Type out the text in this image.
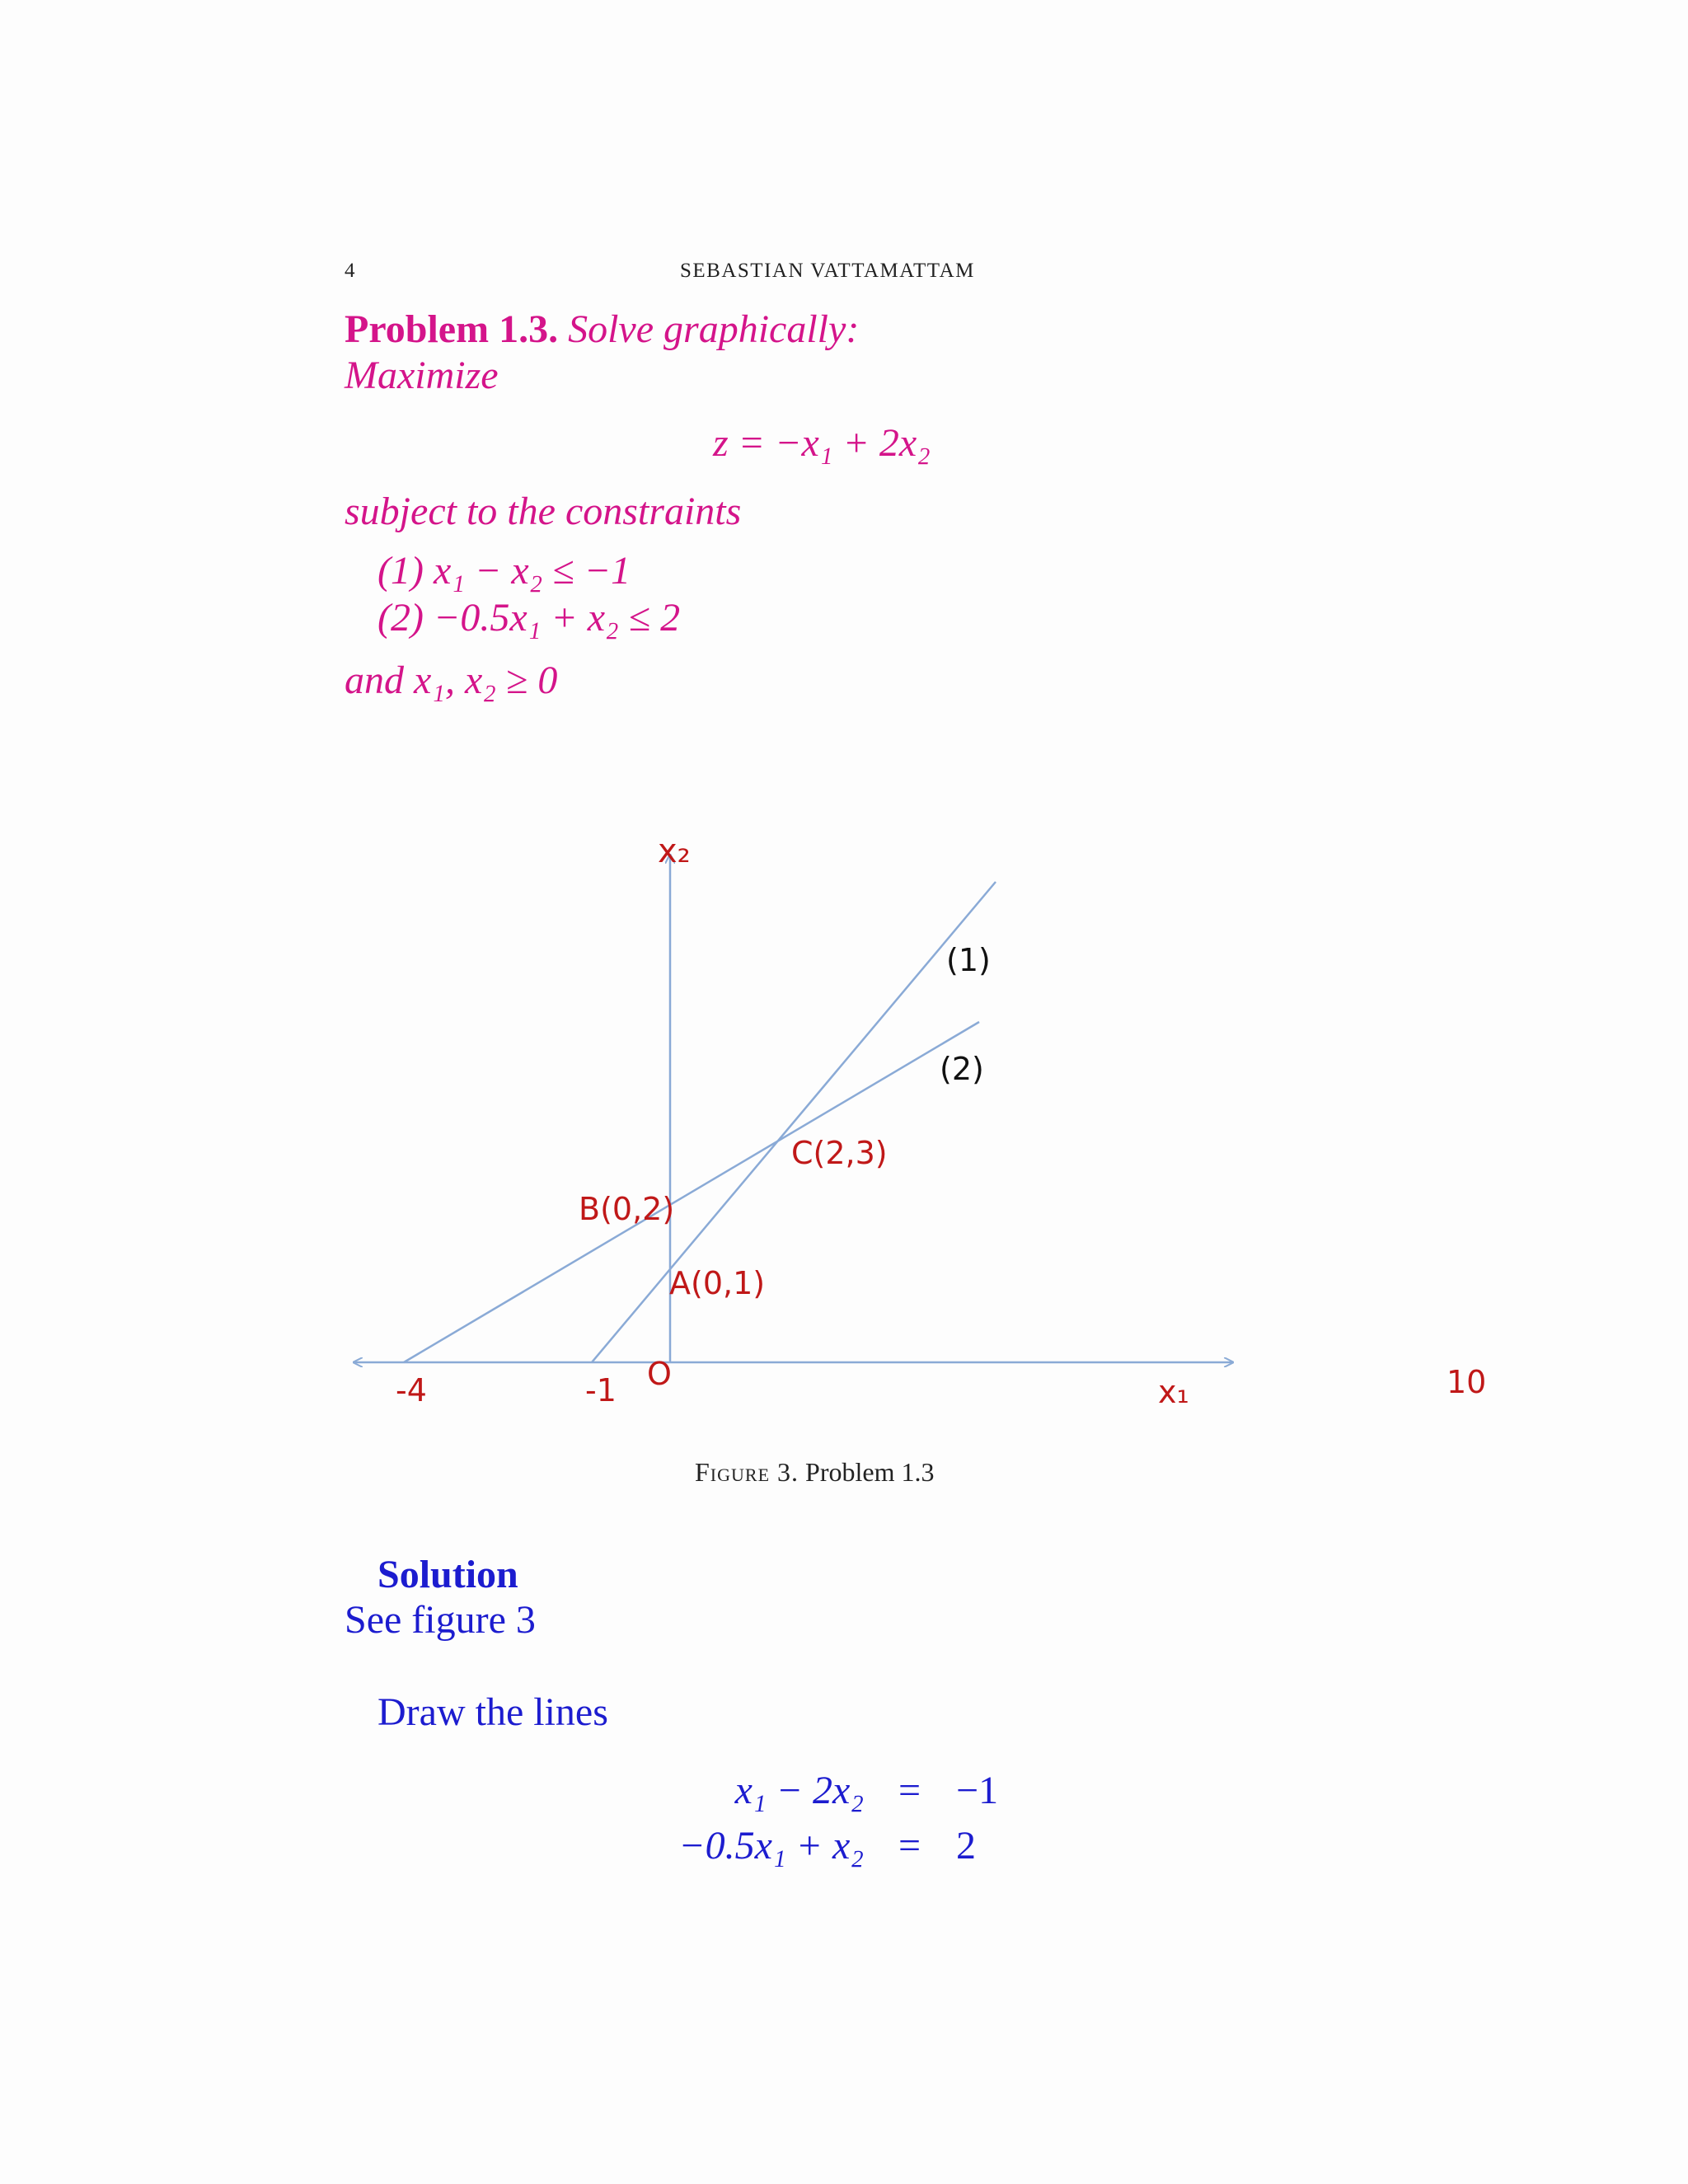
4	SEBASTIAN VATTAMATTAM
Problem 1.3. Solve graphically:
Maximize
z = −x₁ + 2x₂
subject to the constraints
(1) x₁ − x₂ ≤ −1
(2) −0.5x₁ + x₂ ≤ 2
and x₁, x₂ ≥ 0
x₂
x₁
O
-4	-1	10
(1)
(2)
C(2,3)
B(0,2)
A(0,1)
Figure 3. Problem 1.3
Solution
See figure 3
Draw the lines
x₁ − 2x₂ = −1
−0.5x₁ + x₂ = 2
